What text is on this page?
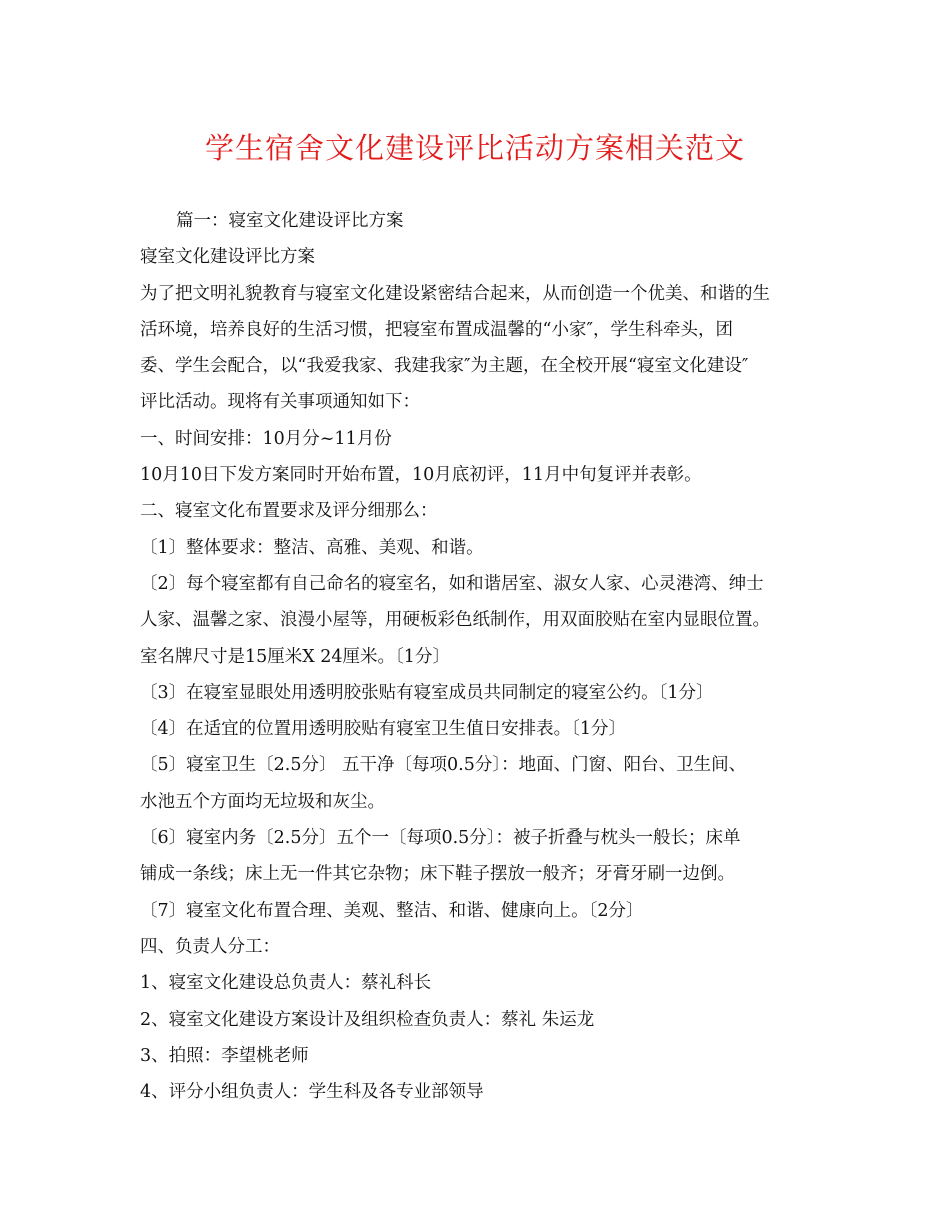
学生宿舍文化建设评比活动方案相关范文

篇一：寝室文化建设评比方案

寝室文化建设评比方案

为了把文明礼貌教育与寝室文化建设紧密结合起来，从而创造一个优美、和谐的生

活环境，培养良好的生活习惯，把寝室布置成温馨的“小家″，学生科牵头，团

委、学生会配合，以“我爱我家、我建我家″为主题，在全校开展“寝室文化建设″

评比活动。现将有关事项通知如下：

一、时间安排：10月分~11月份

10月10日下发方案同时开始布置，10月底初评，11月中旬复评并表彰。

二、寝室文化布置要求及评分细那么：

〔1〕整体要求：整洁、高雅、美观、和谐。

〔2〕每个寝室都有自己命名的寝室名，如和谐居室、淑女人家、心灵港湾、绅士

人家、温馨之家、浪漫小屋等，用硬板彩色纸制作，用双面胶贴在室内显眼位置。

室名牌尺寸是15厘米X 24厘米。〔1分〕

〔3〕在寝室显眼处用透明胶张贴有寝室成员共同制定的寝室公约。〔1分〕

〔4〕在适宜的位置用透明胶贴有寝室卫生值日安排表。〔1分〕

〔5〕寝室卫生〔2.5分〕 五干净〔每项0.5分〕：地面、门窗、阳台、卫生间、

水池五个方面均无垃圾和灰尘。

〔6〕寝室内务〔2.5分〕五个一〔每项0.5分〕：被子折叠与枕头一般长；床单

铺成一条线；床上无一件其它杂物；床下鞋子摆放一般齐；牙膏牙刷一边倒。

〔7〕寝室文化布置合理、美观、整洁、和谐、健康向上。〔2分〕

四、负责人分工：

1、寝室文化建设总负责人：蔡礼科长

2、寝室文化建设方案设计及组织检查负责人：蔡礼 朱运龙

3、拍照：李望桃老师

4、评分小组负责人：学生科及各专业部领导
